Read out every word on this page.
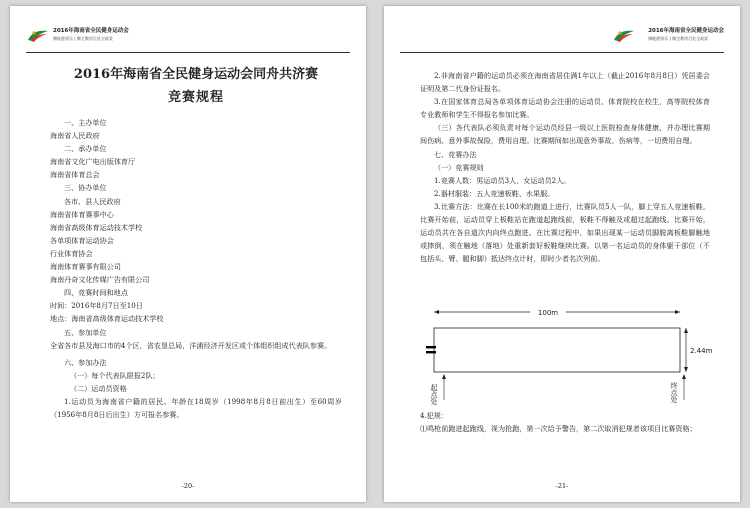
2016年海南省全民健身运动会
腾帐港领乐 | 腾全教项目处全政爱
2016年海南省全民健身运动会同舟共济赛
竞赛规程
一、主办单位
海南省人民政府
二、承办单位
海南省文化广电出版体育厅
海南省体育总会
三、协办单位
各市、县人民政府
海南省体育赛事中心
海南省高级体育运动技术学校
各单项体育运动协会
行业体育协会
海南体育赛事有限公司
海南丹奇文化传媒广告有限公司
四、竞赛时间和地点
时间：2016年8月7日至10日
地点：海南省高级体育运动技术学校
五、参加单位
全省各市县及海口市的4个区，省农垦总局，洋浦经济开发区或个体组织组成代表队参赛。
六、参加办法
（一）每个代表队限报2队；
（二）运动员资格
1.运动员为海南省户籍的居民。年龄在18周岁（1998年8月8日前出生）至60周岁（1956年8月8日后出生）方可报名参赛。
-20-
2016年海南省全民健身运动会
腾帐港领乐 | 腾全教项目处全政爱
2.非海南省户籍的运动员必须在海南省居住满1年以上（截止2016年8月8日）凭居委会证明及第二代身份证报名。
3.在国家体育总局各单项体育运动协会注册的运动员、体育院校在校生，高等院校体育专业教师和学生不得报名参加比赛。
（三）各代表队必须负责对每个运动员经县一级以上医院检查身体健康，并办理比赛期间伤病、意外事故保险，费用自理。比赛期间如出现意外事故、伤病等，一切费用自理。
七、竞赛办法
（一）竞赛规则
1.竞赛人数：男运动员3人、女运动员2人。
2.器材服装：五人竞速板鞋、水果服。
3.比赛方法：比赛在长100米的跑道上进行，比赛队员5人一队，脚上穿五人竞速板鞋。比赛开始前，运动员穿上板鞋站在跑道起跑线前，板鞋不得触及或超过起跑线。比赛开始，运动员共在各自道次内向终点跑进。在比赛过程中，如果出现某一运动员脚脱离板鞋脚触地或摔倒，须在触地（落地）处重新套好板鞋继续比赛。以第一名运动员的身体躯干部位（不包括头、臂、腿和脚）抵达终点计时，即时少者名次列前。
100m
2.44m
起点处	终点处
4.犯规：
⑴鸣枪前跑进起跑线，视为抢跑，第一次给予警告，第二次取消犯规者该项目比赛资格；
-21-
